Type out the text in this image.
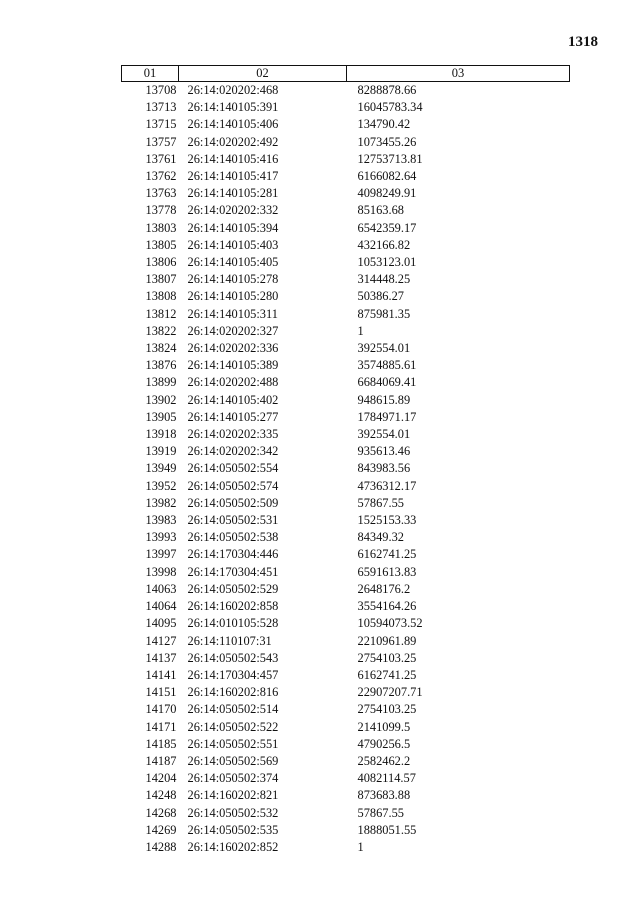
1318
01	02	03
13708	26:14:020202:468	8288878.66
13713	26:14:140105:391	16045783.34
13715	26:14:140105:406	134790.42
13757	26:14:020202:492	1073455.26
13761	26:14:140105:416	12753713.81
13762	26:14:140105:417	6166082.64
13763	26:14:140105:281	4098249.91
13778	26:14:020202:332	85163.68
13803	26:14:140105:394	6542359.17
13805	26:14:140105:403	432166.82
13806	26:14:140105:405	1053123.01
13807	26:14:140105:278	314448.25
13808	26:14:140105:280	50386.27
13812	26:14:140105:311	875981.35
13822	26:14:020202:327	1
13824	26:14:020202:336	392554.01
13876	26:14:140105:389	3574885.61
13899	26:14:020202:488	6684069.41
13902	26:14:140105:402	948615.89
13905	26:14:140105:277	1784971.17
13918	26:14:020202:335	392554.01
13919	26:14:020202:342	935613.46
13949	26:14:050502:554	843983.56
13952	26:14:050502:574	4736312.17
13982	26:14:050502:509	57867.55
13983	26:14:050502:531	1525153.33
13993	26:14:050502:538	84349.32
13997	26:14:170304:446	6162741.25
13998	26:14:170304:451	6591613.83
14063	26:14:050502:529	2648176.2
14064	26:14:160202:858	3554164.26
14095	26:14:010105:528	10594073.52
14127	26:14:110107:31	2210961.89
14137	26:14:050502:543	2754103.25
14141	26:14:170304:457	6162741.25
14151	26:14:160202:816	22907207.71
14170	26:14:050502:514	2754103.25
14171	26:14:050502:522	2141099.5
14185	26:14:050502:551	4790256.5
14187	26:14:050502:569	2582462.2
14204	26:14:050502:374	4082114.57
14248	26:14:160202:821	873683.88
14268	26:14:050502:532	57867.55
14269	26:14:050502:535	1888051.55
14288	26:14:160202:852	1
